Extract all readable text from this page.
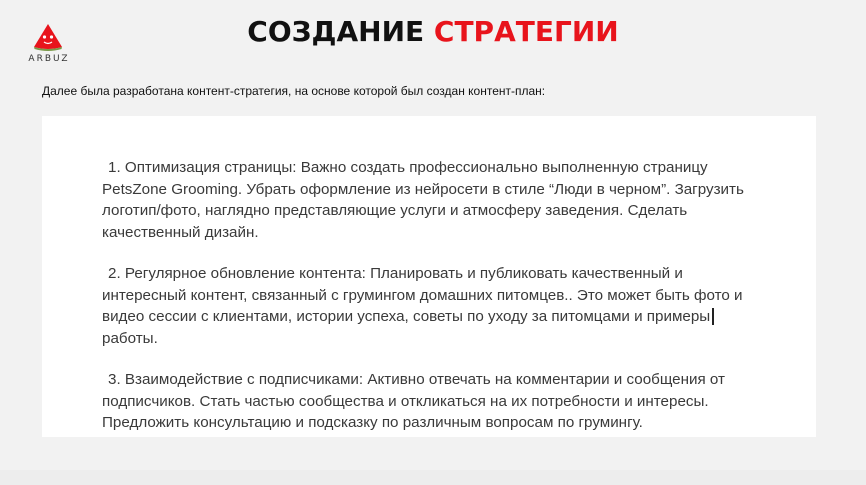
ARBUZ
СОЗДАНИЕ СТРАТЕГИИ
Далее была разработана контент-стратегия, на основе которой был создан контент-план:

1. Оптимизация страницы: Важно создать профессионально выполненную страницу

PetsZone Grooming. Убрать оформление из нейросети в стиле “Люди в черном”. Загрузить

логотип/фото, наглядно представляющие услуги и атмосферу заведения. Сделать

качественный дизайн.

2. Регулярное обновление контента: Планировать и публиковать качественный и

интересный контент, связанный с грумингом домашних питомцев.. Это может быть фото и

видео сессии с клиентами, истории успеха, советы по уходу за питомцами и примеры

работы.

3. Взаимодействие с подписчиками: Активно отвечать на комментарии и сообщения от

подписчиков. Стать частью сообщества и откликаться на их потребности и интересы.

Предложить консультацию и подсказку по различным вопросам по грумингу.
